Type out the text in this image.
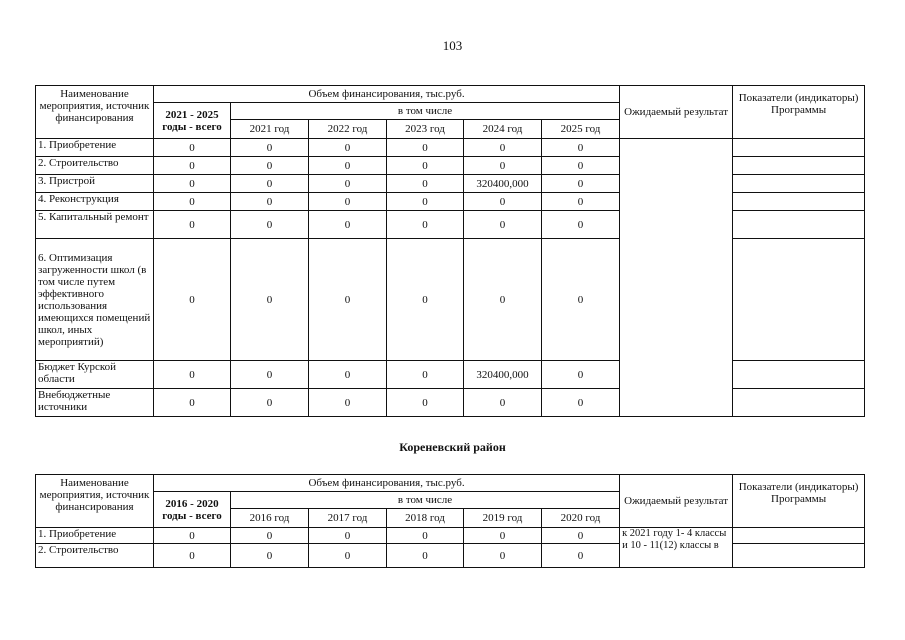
103
Наименование мероприятия, источник финансирования	Объем финансирования, тыс.руб.						Ожидаемый результат	Показатели (индикаторы) Программы
	2021 - 2025 годы - всего	в том числе						
		2021 год	2022 год	2023 год	2024 год	2025 год		
1. Приобретение	0	0	0	0	0	0		
2. Строительство	0	0	0	0	0	0		
3. Пристрой	0	0	0	0	320400,000	0		
4. Реконструкция	0	0	0	0	0	0		
5. Капитальный ремонт	0	0	0	0	0	0		
6. Оптимизация загруженности школ (в том числе путем эффективного использования имеющихся помещений школ, иных мероприятий)	0	0	0	0	0	0		
Бюджет Курской области	0	0	0	0	320400,000	0		
Внебюджетные источники	0	0	0	0	0	0		
Кореневский район
Наименование мероприятия, источник финансирования	Объем финансирования, тыс.руб.						Ожидаемый результат	Показатели (индикаторы) Программы
	2016 - 2020 годы - всего	в том числе						
		2016 год	2017 год	2018 год	2019 год	2020 год		
1. Приобретение	0	0	0	0	0	0	к 2021 году 1- 4 классы и 10 - 11(12) классы в	
2. Строительство	0	0	0	0	0	0		
